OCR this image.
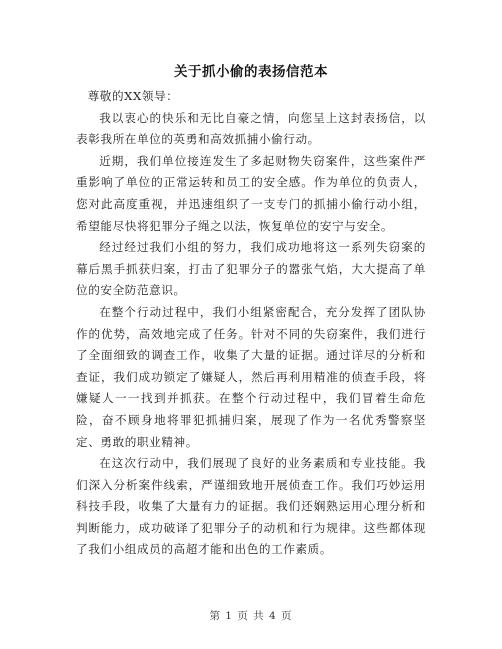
关于抓小偷的表扬信范本

尊敬的XX领导：

我以衷心的快乐和无比自豪之情，向您呈上这封表扬信，以表彰我所在单位的英勇和高效抓捕小偷行动。

近期，我们单位接连发生了多起财物失窃案件，这些案件严重影响了单位的正常运转和员工的安全感。作为单位的负责人，您对此高度重视，并迅速组织了一支专门的抓捕小偷行动小组，希望能尽快将犯罪分子绳之以法，恢复单位的安宁与安全。

经过经过我们小组的努力，我们成功地将这一系列失窃案的幕后黑手抓获归案，打击了犯罪分子的嚣张气焰，大大提高了单位的安全防范意识。

在整个行动过程中，我们小组紧密配合，充分发挥了团队协作的优势，高效地完成了任务。针对不同的失窃案件，我们进行了全面细致的调查工作，收集了大量的证据。通过详尽的分析和查证，我们成功锁定了嫌疑人，然后再利用精准的侦查手段，将嫌疑人一一找到并抓获。在整个行动过程中，我们冒着生命危险，奋不顾身地将罪犯抓捕归案，展现了作为一名优秀警察坚定、勇敢的职业精神。

在这次行动中，我们展现了良好的业务素质和专业技能。我们深入分析案件线索，严谨细致地开展侦查工作。我们巧妙运用科技手段，收集了大量有力的证据。我们还娴熟运用心理分析和判断能力，成功破译了犯罪分子的动机和行为规律。这些都体现了我们小组成员的高超才能和出色的工作素质。

第 1 页 共 4 页
